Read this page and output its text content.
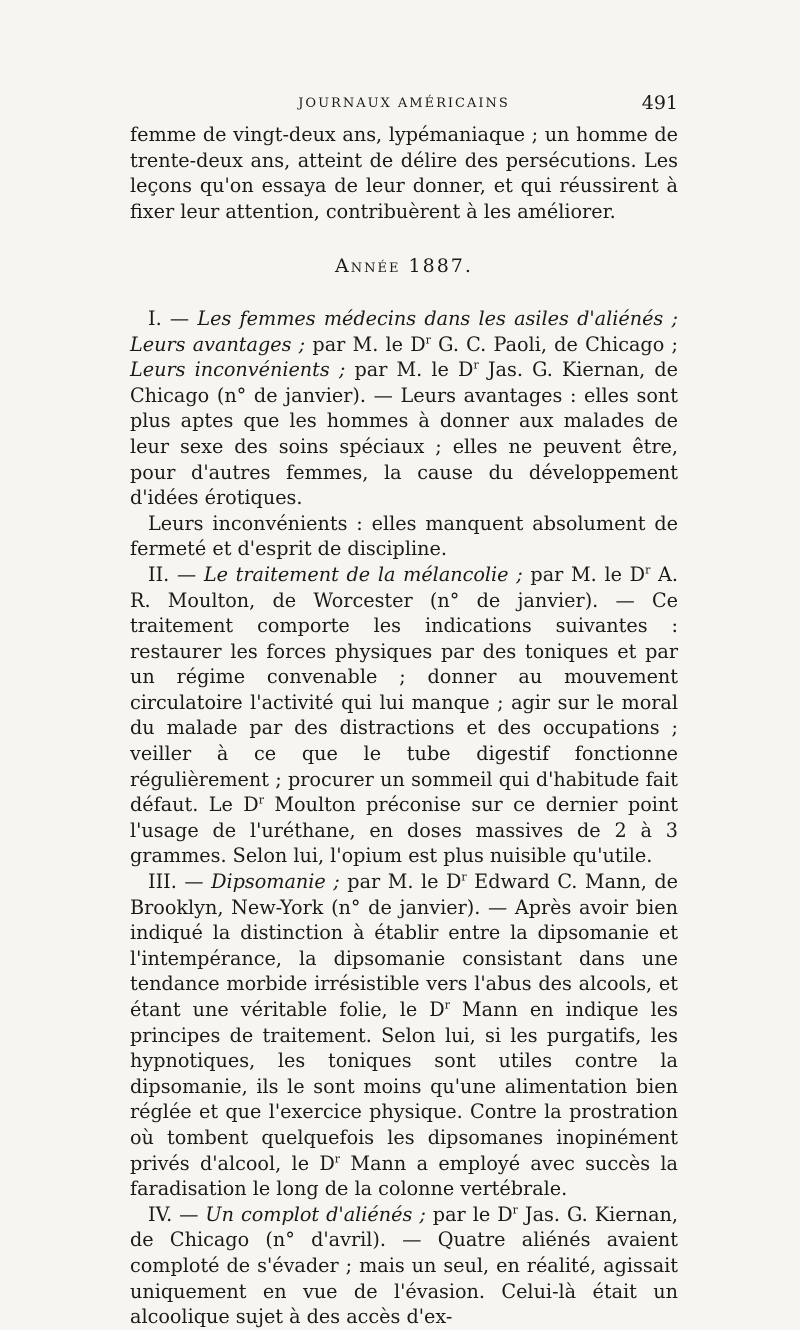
JOURNAUX AMÉRICAINS	491

femme de vingt-deux ans, lypémaniaque ; un homme de trente-deux ans, atteint de délire des persécutions. Les leçons qu'on essaya de leur donner, et qui réussirent à fixer leur attention, contribuèrent à les améliorer.

Année 1887.

I. — Les femmes médecins dans les asiles d'aliénés ; Leurs avantages ; par M. le $D^r$ G. C. Paoli, de Chicago ; Leurs inconvénients ; par M. le $D^r$ Jas. G. Kiernan, de Chicago (n° de janvier). — Leurs avantages : elles sont plus aptes que les hommes à donner aux malades de leur sexe des soins spéciaux ; elles ne peuvent être, pour d'autres femmes, la cause du développement d'idées érotiques.

Leurs inconvénients : elles manquent absolument de fermeté et d'esprit de discipline.

II. — Le traitement de la mélancolie ; par M. le $D^r$ A. R. Moulton, de Worcester (n° de janvier). — Ce traitement comporte les indications suivantes : restaurer les forces physiques par des toniques et par un régime convenable ; donner au mouvement circulatoire l'activité qui lui manque ; agir sur le moral du malade par des distractions et des occupations ; veiller à ce que le tube digestif fonctionne régulièrement ; procurer un sommeil qui d'habitude fait défaut. Le $D^r$ Moulton préconise sur ce dernier point l'usage de l'uréthane, en doses massives de 2 à 3 grammes. Selon lui, l'opium est plus nuisible qu'utile.

III. — Dipsomanie ; par M. le $D^r$ Edward C. Mann, de Brooklyn, New-York (n° de janvier). — Après avoir bien indiqué la distinction à établir entre la dipsomanie et l'intempérance, la dipsomanie consistant dans une tendance morbide irrésistible vers l'abus des alcools, et étant une véritable folie, le $D^r$ Mann en indique les principes de traitement. Selon lui, si les purgatifs, les hypnotiques, les toniques sont utiles contre la dipsomanie, ils le sont moins qu'une alimentation bien réglée et que l'exercice physique. Contre la prostration où tombent quelquefois les dipsomanes inopinément privés d'alcool, le $D^r$ Mann a employé avec succès la faradisation le long de la colonne vertébrale.

IV. — Un complot d'aliénés ; par le $D^r$ Jas. G. Kiernan, de Chicago (n° d'avril). — Quatre aliénés avaient comploté de s'évader ; mais un seul, en réalité, agissait uniquement en vue de l'évasion. Celui-là était un alcoolique sujet à des accès d'ex-
